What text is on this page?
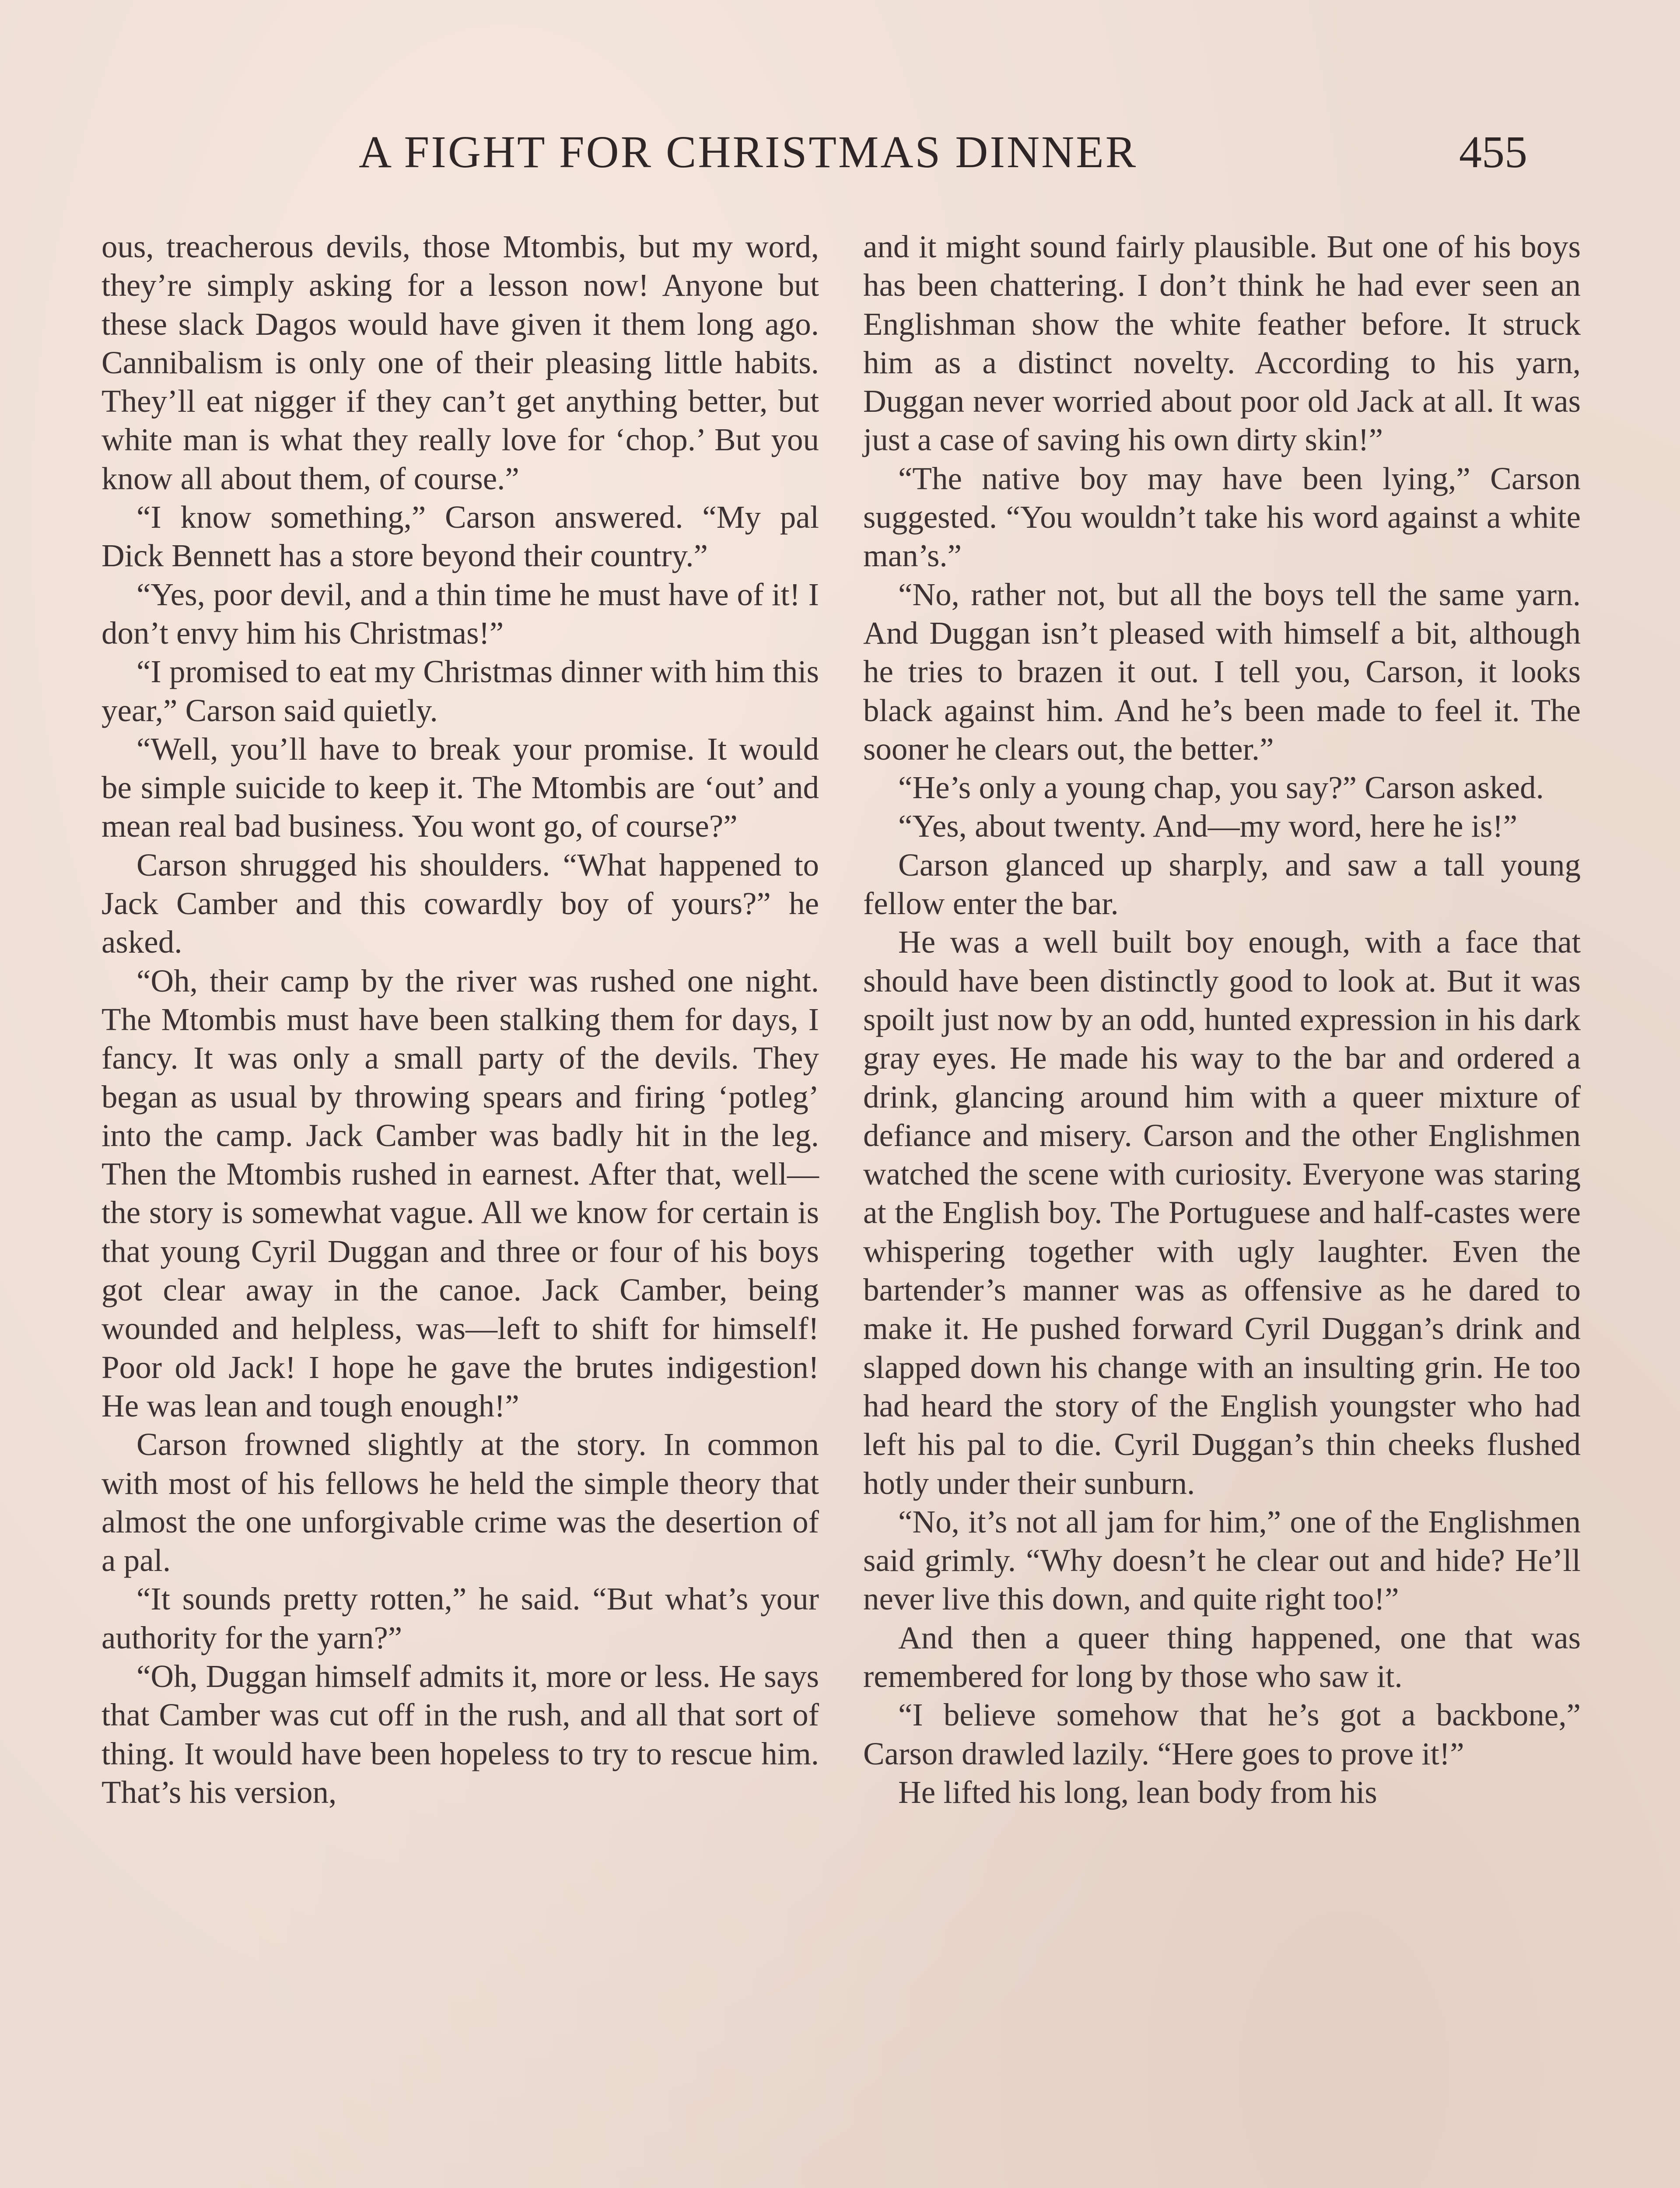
A FIGHT FOR CHRISTMAS DINNER	455

ous, treacherous devils, those Mtombis, but my word, they’re simply asking for a lesson now! Anyone but these slack Dagos would have given it them long ago. Cannibalism is only one of their pleasing little habits. They’ll eat nigger if they can’t get anything better, but white man is what they really love for ‘chop.’ But you know all about them, of course.”

“I know something,” Carson answered. “My pal Dick Bennett has a store beyond their country.”

“Yes, poor devil, and a thin time he must have of it! I don’t envy him his Christmas!”

“I promised to eat my Christmas dinner with him this year,” Carson said quietly.

“Well, you’ll have to break your promise. It would be simple suicide to keep it. The Mtombis are ‘out’ and mean real bad business. You wont go, of course?”

Carson shrugged his shoulders. “What happened to Jack Camber and this cowardly boy of yours?” he asked.

“Oh, their camp by the river was rushed one night. The Mtombis must have been stalking them for days, I fancy. It was only a small party of the devils. They began as usual by throwing spears and firing ‘potleg’ into the camp. Jack Camber was badly hit in the leg. Then the Mtombis rushed in earnest. After that, well—the story is somewhat vague. All we know for certain is that young Cyril Duggan and three or four of his boys got clear away in the canoe. Jack Camber, being wounded and helpless, was—left to shift for himself! Poor old Jack! I hope he gave the brutes indigestion! He was lean and tough enough!”

Carson frowned slightly at the story. In common with most of his fellows he held the simple theory that almost the one unforgivable crime was the desertion of a pal.

“It sounds pretty rotten,” he said. “But what’s your authority for the yarn?”

“Oh, Duggan himself admits it, more or less. He says that Camber was cut off in the rush, and all that sort of thing. It would have been hopeless to try to rescue him. That’s his version,

and it might sound fairly plausible. But one of his boys has been chattering. I don’t think he had ever seen an Englishman show the white feather before. It struck him as a distinct novelty. According to his yarn, Duggan never worried about poor old Jack at all. It was just a case of saving his own dirty skin!”

“The native boy may have been lying,” Carson suggested. “You wouldn’t take his word against a white man’s.”

“No, rather not, but all the boys tell the same yarn. And Duggan isn’t pleased with himself a bit, although he tries to brazen it out. I tell you, Carson, it looks black against him. And he’s been made to feel it. The sooner he clears out, the better.”

“He’s only a young chap, you say?” Carson asked.

“Yes, about twenty. And—my word, here he is!”

Carson glanced up sharply, and saw a tall young fellow enter the bar.

He was a well built boy enough, with a face that should have been distinctly good to look at. But it was spoilt just now by an odd, hunted expression in his dark gray eyes. He made his way to the bar and ordered a drink, glancing around him with a queer mixture of defiance and misery. Carson and the other Englishmen watched the scene with curiosity. Everyone was staring at the English boy. The Portuguese and half-castes were whispering together with ugly laughter. Even the bartender’s manner was as offensive as he dared to make it. He pushed forward Cyril Duggan’s drink and slapped down his change with an insulting grin. He too had heard the story of the English youngster who had left his pal to die. Cyril Duggan’s thin cheeks flushed hotly under their sunburn.

“No, it’s not all jam for him,” one of the Englishmen said grimly. “Why doesn’t he clear out and hide? He’ll never live this down, and quite right too!”

And then a queer thing happened, one that was remembered for long by those who saw it.

“I believe somehow that he’s got a backbone,” Carson drawled lazily. “Here goes to prove it!”

He lifted his long, lean body from his
